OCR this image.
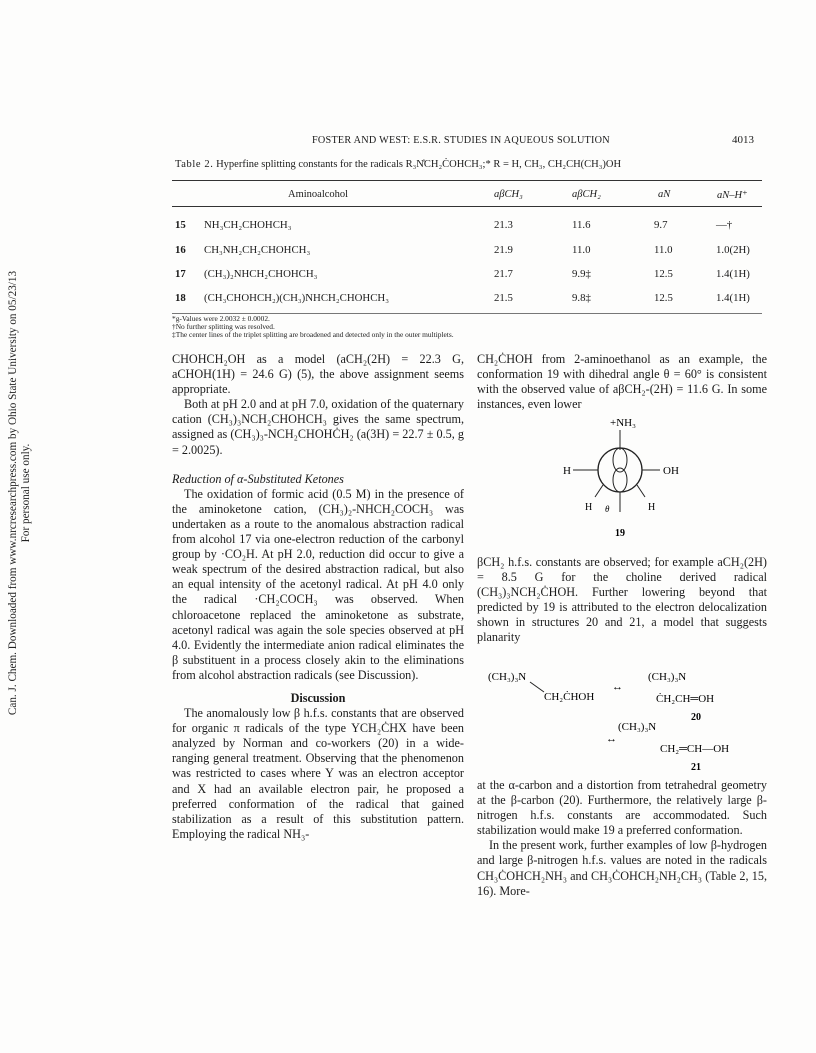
Can. J. Chem. Downloaded from www.nrcresearchpress.com by Ohio State University on 05/23/13 For personal use only.
FOSTER AND WEST: E.S.R. STUDIES IN AQUEOUS SOLUTION	4013
Table 2. Hyperfine splitting constants for the radicals R₃N̊CH₂ĊOHCH₃;* R = H, CH₃, CH₂CH(CH₃)OH
Aminoalcohol	aβCH₃	aβCH₂	aN	aN–H⁺
15 NH₃CH₂CHOHCH₃	21.3	11.6	9.7	—†
16 CH₃NH₂CH₂CHOHCH₃	21.9	11.0	11.0	1.0(2H)
17 (CH₃)₂NHCH₂CHOHCH₃	21.7	9.9‡	12.5	1.4(1H)
18 (CH₃CHOHCH₂)(CH₃)NHCH₂CHOHCH₃	21.5	9.8‡	12.5	1.4(1H)
*g-Values were 2.0032 ± 0.0002.
†No further splitting was resolved.
‡The center lines of the triplet splitting are broadened and detected only in the outer multiplets.

CHOHCH₂OH as a model (aCH₂(2H) = 22.3 G, aCHOH(1H) = 24.6 G) (5), the above assignment seems appropriate.

Both at pH 2.0 and at pH 7.0, oxidation of the quaternary cation (CH₃)₃NCH₂CHOHCH₃ gives the same spectrum, assigned as (CH₃)₃-NCH₂CHOHĊH₂ (a(3H) = 22.7 ± 0.5, g = 2.0025).

Reduction of α-Substituted Ketones

The oxidation of formic acid (0.5 M) in the presence of the aminoketone cation, (CH₃)₂-NHCH₂COCH₃ was undertaken as a route to the anomalous abstraction radical from alcohol 17 via one-electron reduction of the carbonyl group by ·CO₂H. At pH 2.0, reduction did occur to give a weak spectrum of the desired abstraction radical, but also an equal intensity of the acetonyl radical. At pH 4.0 only the radical ·CH₂COCH₃ was observed. When chloroacetone replaced the aminoketone as substrate, acetonyl radical was again the sole species observed at pH 4.0. Evidently the intermediate anion radical eliminates the β substituent in a process closely akin to the eliminations from alcohol abstraction radicals (see Discussion).

Discussion

The anomalously low β h.f.s. constants that are observed for organic π radicals of the type YCH₂ĊHX have been analyzed by Norman and co-workers (20) in a wide-ranging general treatment. Observing that the phenomenon was restricted to cases where Y was an electron acceptor and X had an available electron pair, he proposed a preferred conformation of the radical that gained stabilization as a result of this substitution pattern. Employing the radical NH₃-

CH₂ĊHOH from 2-aminoethanol as an example, the conformation 19 with dihedral angle θ = 60° is consistent with the observed value of aβCH₂-(2H) = 11.6 G. In some instances, even lower

+NH₃
H	OH
H	H
θ
19

βCH₂ h.f.s. constants are observed; for example aCH₂(2H) = 8.5 G for the choline derived radical (CH₃)₃NCH₂ĊHOH. Further lowering beyond that predicted by 19 is attributed to the electron delocalization shown in structures 20 and 21, a model that suggests planarity

(CH₃)₃N
CH₂ĊHOH
↔
(CH₃)₃N
ĊH₂CH═OH
20
↔
(CH₃)₃N
CH₂═CH—OH
21

at the α-carbon and a distortion from tetrahedral geometry at the β-carbon (20). Furthermore, the relatively large β-nitrogen h.f.s. constants are accommodated. Such stabilization would make 19 a preferred conformation.

In the present work, further examples of low β-hydrogen and large β-nitrogen h.f.s. values are noted in the radicals CH₃ĊOHCH₂NH₃ and CH₃ĊOHCH₂NH₂CH₃ (Table 2, 15, 16). More-
